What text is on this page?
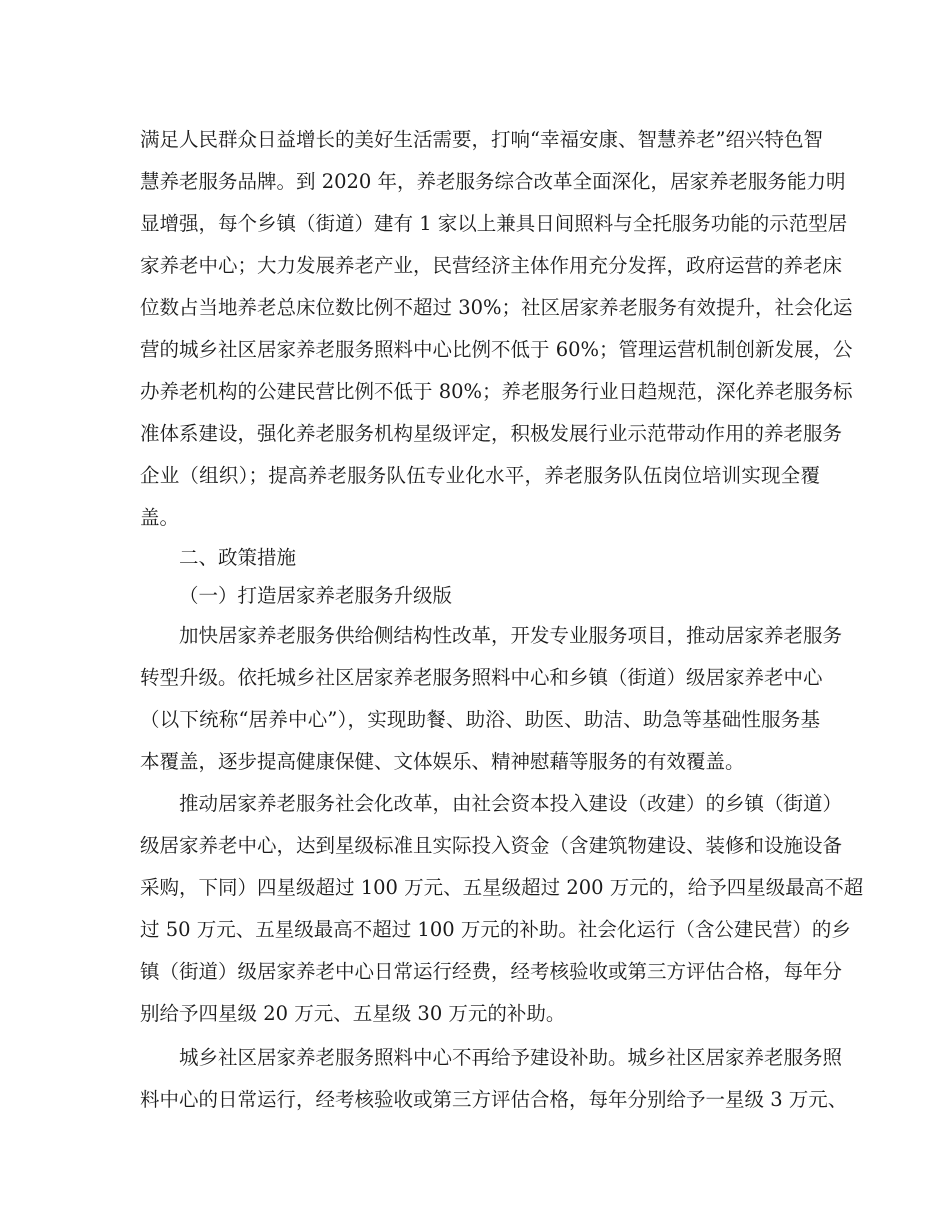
满足人民群众日益增长的美好生活需要，打响“幸福安康、智慧养老”绍兴特色智
慧养老服务品牌。到 2020 年，养老服务综合改革全面深化，居家养老服务能力明
显增强，每个乡镇（街道）建有 1 家以上兼具日间照料与全托服务功能的示范型居
家养老中心；大力发展养老产业，民营经济主体作用充分发挥，政府运营的养老床
位数占当地养老总床位数比例不超过 30%；社区居家养老服务有效提升，社会化运
营的城乡社区居家养老服务照料中心比例不低于 60%；管理运营机制创新发展，公
办养老机构的公建民营比例不低于 80%；养老服务行业日趋规范，深化养老服务标
准体系建设，强化养老服务机构星级评定，积极发展行业示范带动作用的养老服务
企业（组织）；提高养老服务队伍专业化水平，养老服务队伍岗位培训实现全覆
盖。
二、政策措施
（一）打造居家养老服务升级版
加快居家养老服务供给侧结构性改革，开发专业服务项目，推动居家养老服务
转型升级。依托城乡社区居家养老服务照料中心和乡镇（街道）级居家养老中心
（以下统称“居养中心”），实现助餐、助浴、助医、助洁、助急等基础性服务基
本覆盖，逐步提高健康保健、文体娱乐、精神慰藉等服务的有效覆盖。
推动居家养老服务社会化改革，由社会资本投入建设（改建）的乡镇（街道）
级居家养老中心，达到星级标准且实际投入资金（含建筑物建设、装修和设施设备
采购，下同）四星级超过 100 万元、五星级超过 200 万元的，给予四星级最高不超
过 50 万元、五星级最高不超过 100 万元的补助。社会化运行（含公建民营）的乡
镇（街道）级居家养老中心日常运行经费，经考核验收或第三方评估合格，每年分
别给予四星级 20 万元、五星级 30 万元的补助。
城乡社区居家养老服务照料中心不再给予建设补助。城乡社区居家养老服务照
料中心的日常运行，经考核验收或第三方评估合格，每年分别给予一星级 3 万元、
